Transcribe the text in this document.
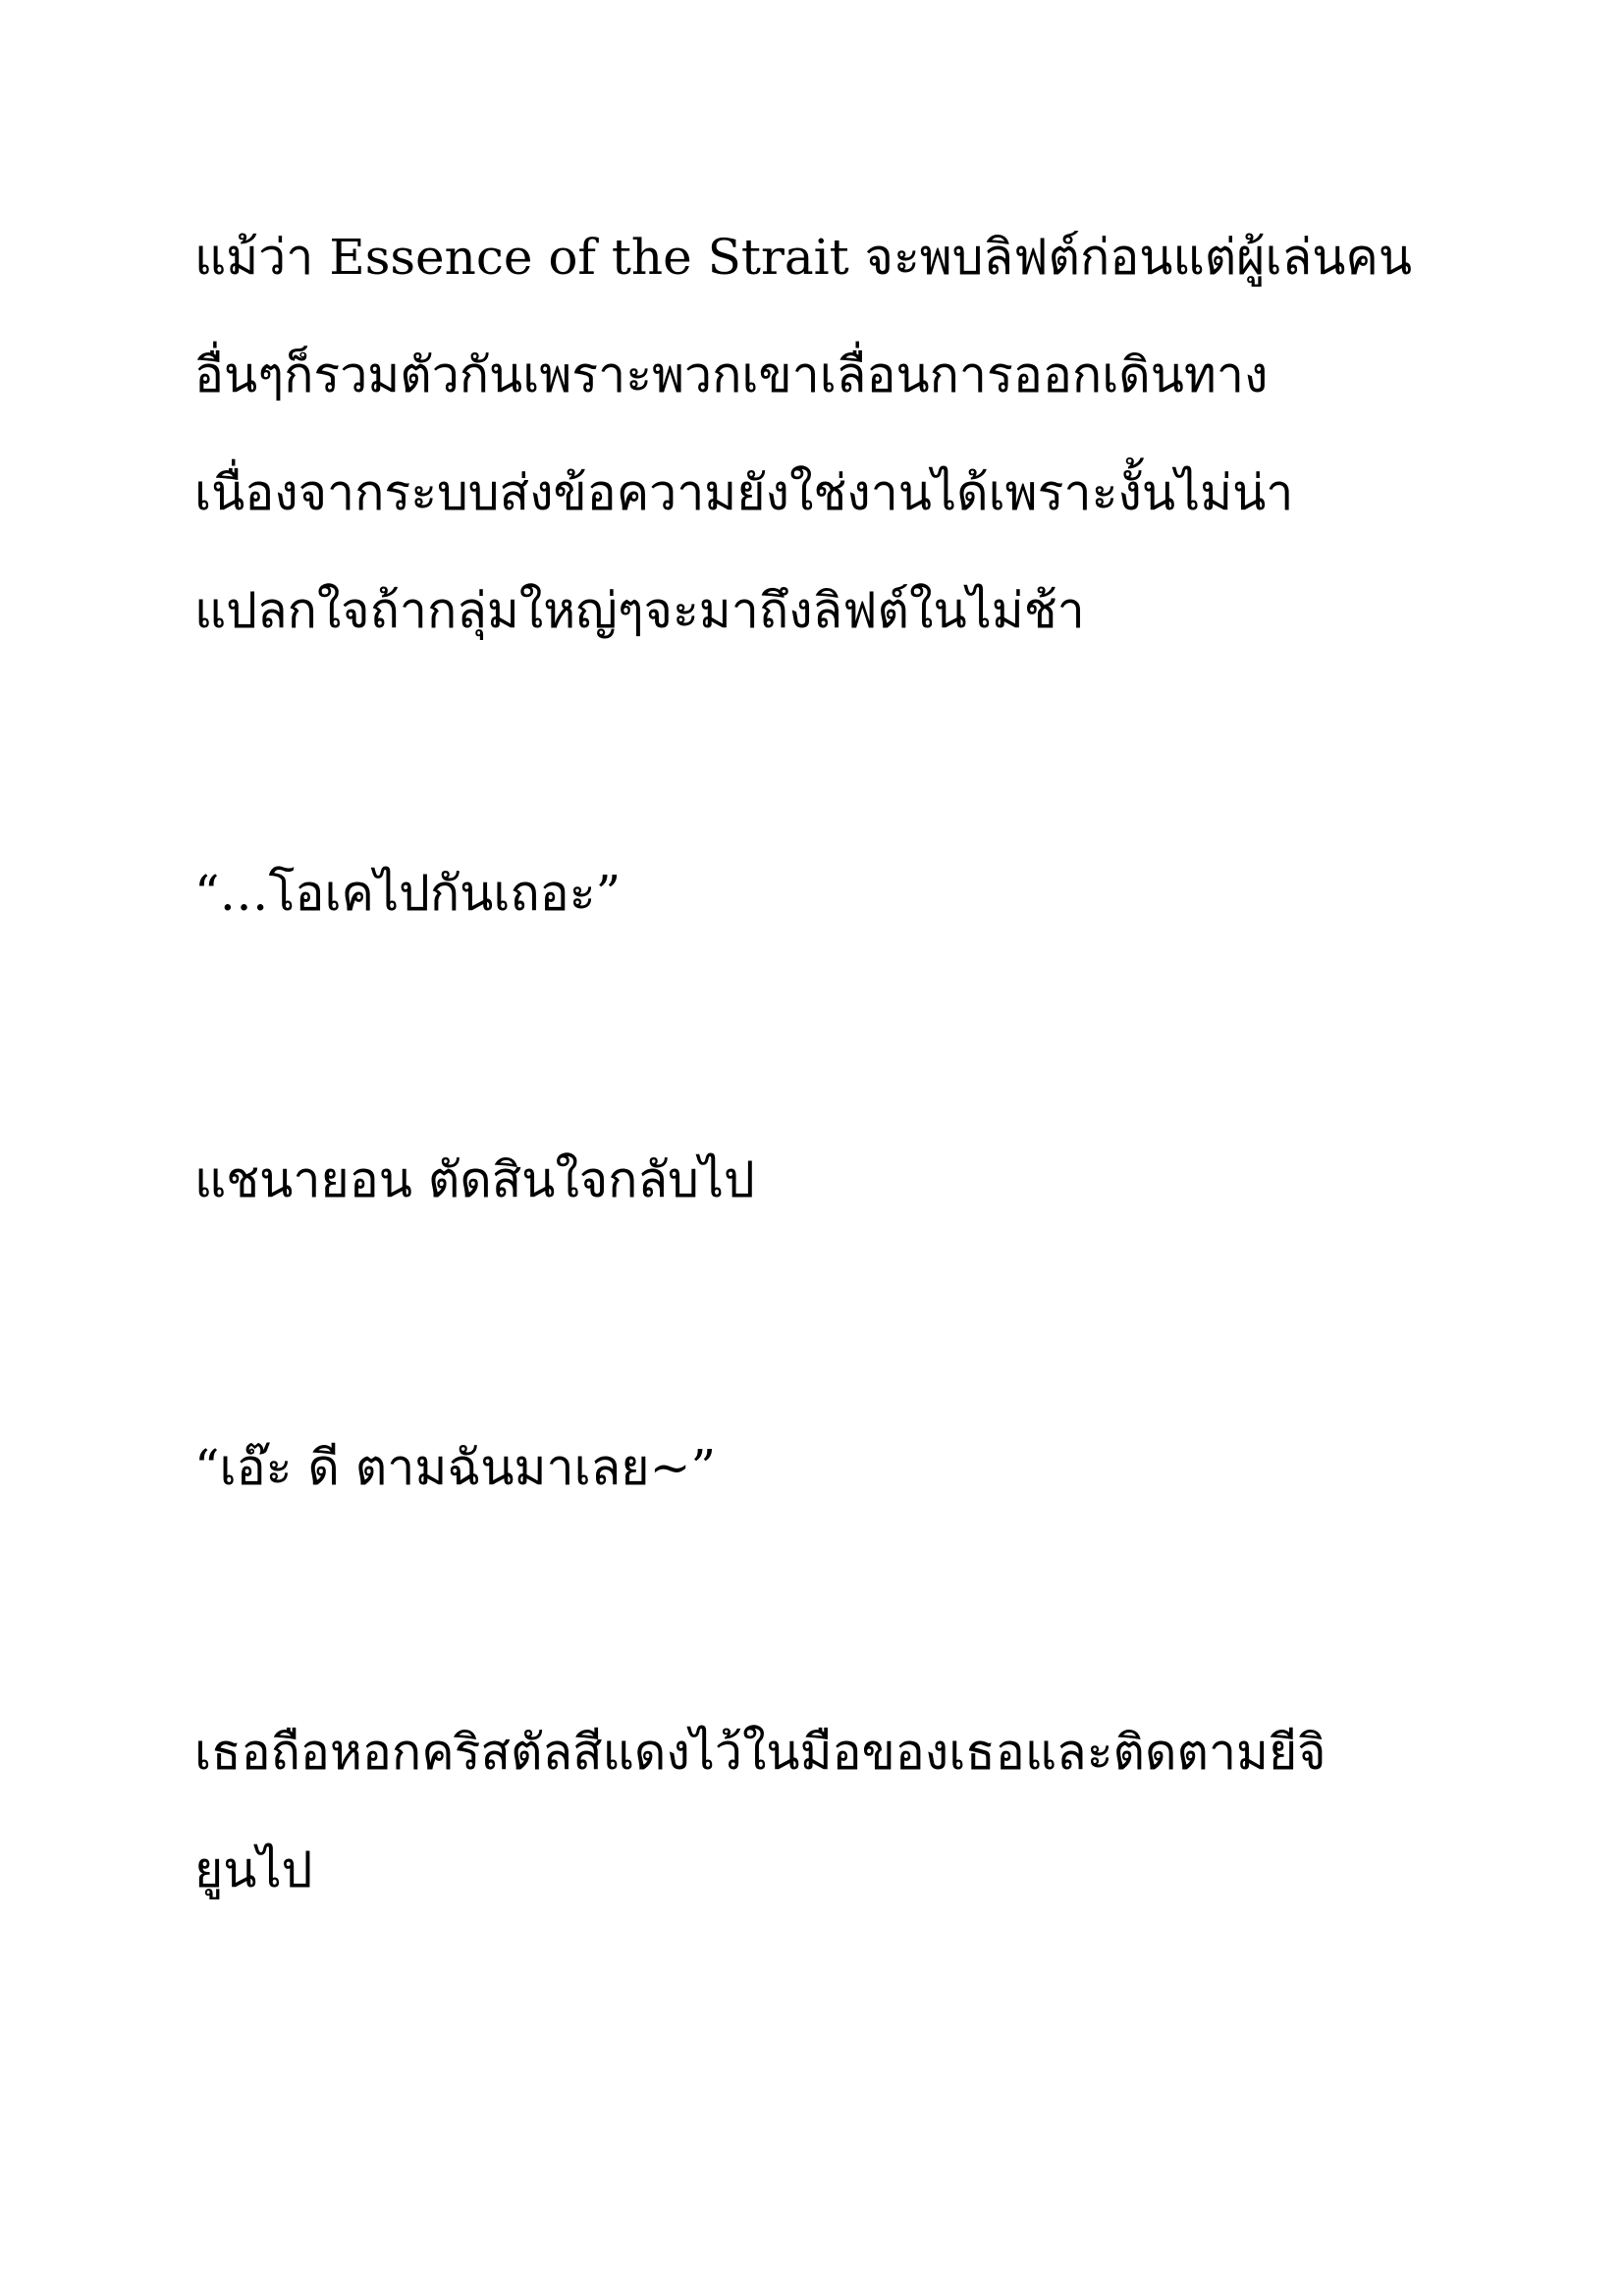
แม้ว่า Essence of the Strait จะพบลิฟต์ก่อนแต่ผู้เล่นคน

อื่นๆก็รวมตัวกันเพราะพวกเขาเลื่อนการออกเดินทาง

เนื่องจากระบบส่งข้อความยังใช่งานได้เพราะงั้นไม่น่า

แปลกใจถ้ากลุ่มใหญ่ๆจะมาถึงลิฟต์ในไม่ช้า

“…โอเคไปกันเถอะ”

แชนายอน ตัดสินใจกลับไป

“เอ๊ะ ดี ตามฉันมาเลย~”

เธอถือหอกคริสตัลสีแดงไว้ในมือของเธอและติดตามยีจิ

ยูนไป
